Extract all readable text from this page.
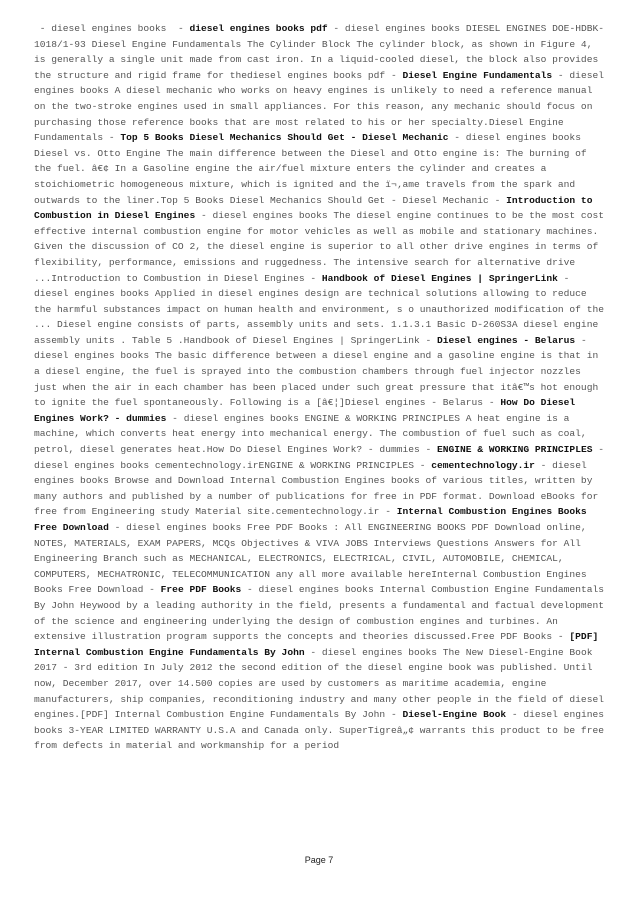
- diesel engines books  - diesel engines books pdf - diesel engines books DIESEL ENGINES DOE-HDBK-1018/1-93 Diesel Engine Fundamentals The Cylinder Block The cylinder block, as shown in Figure 4, is generally a single unit made from cast iron. In a liquid-cooled diesel, the block also provides the structure and rigid frame for thediesel engines books pdf - Diesel Engine Fundamentals - diesel engines books A diesel mechanic who works on heavy engines is unlikely to need a reference manual on the two-stroke engines used in small appliances. For this reason, any mechanic should focus on purchasing those reference books that are most related to his or her specialty.Diesel Engine Fundamentals - Top 5 Books Diesel Mechanics Should Get - Diesel Mechanic - diesel engines books Diesel vs. Otto Engine The main difference between the Diesel and Otto engine is: The burning of the fuel. â€¢ In a Gasoline engine the air/fuel mixture enters the cylinder and creates a stoichiometric homogeneous mixture, which is ignited and the ï¬‚ame travels from the spark and outwards to the liner.Top 5 Books Diesel Mechanics Should Get - Diesel Mechanic - Introduction to Combustion in Diesel Engines - diesel engines books The diesel engine continues to be the most cost effective internal combustion engine for motor vehicles as well as mobile and stationary machines. Given the discussion of CO 2, the diesel engine is superior to all other drive engines in terms of flexibility, performance, emissions and ruggedness. The intensive search for alternative drive ...Introduction to Combustion in Diesel Engines - Handbook of Diesel Engines | SpringerLink - diesel engines books Applied in diesel engines design are technical solutions allowing to reduce the harmful substances impact on human health and environment, s o unauthorized modification of the ... Diesel engine consists of parts, assembly units and sets. 1.1.3.1 Basic D-260S3A diesel engine assembly units . Table 5 .Handbook of Diesel Engines | SpringerLink - Diesel engines - Belarus - diesel engines books The basic difference between a diesel engine and a gasoline engine is that in a diesel engine, the fuel is sprayed into the combustion chambers through fuel injector nozzles just when the air in each chamber has been placed under such great pressure that itâ€™s hot enough to ignite the fuel spontaneously. Following is a [â€¦]Diesel engines - Belarus - How Do Diesel Engines Work? - dummies - diesel engines books ENGINE & WORKING PRINCIPLES A heat engine is a machine, which converts heat energy into mechanical energy. The combustion of fuel such as coal, petrol, diesel generates heat.How Do Diesel Engines Work? - dummies - ENGINE & WORKING PRINCIPLES - diesel engines books cementechnology.irENGINE & WORKING PRINCIPLES - cementechnology.ir - diesel engines books Browse and Download Internal Combustion Engines books of various titles, written by many authors and published by a number of publications for free in PDF format. Download eBooks for free from Engineering study Material site.cementechnology.ir - Internal Combustion Engines Books Free Download - diesel engines books Free PDF Books : All ENGINEERING BOOKS PDF Download online, NOTES, MATERIALS, EXAM PAPERS, MCQs Objectives & VIVA JOBS Interviews Questions Answers for All Engineering Branch such as MECHANICAL, ELECTRONICS, ELECTRICAL, CIVIL, AUTOMOBILE, CHEMICAL, COMPUTERS, MECHATRONIC, TELECOMMUNICATION any all more available hereInternal Combustion Engines Books Free Download - Free PDF Books - diesel engines books Internal Combustion Engine Fundamentals By John Heywood by a leading authority in the field, presents a fundamental and factual development of the science and engineering underlying the design of combustion engines and turbines. An extensive illustration program supports the concepts and theories discussed.Free PDF Books - [PDF] Internal Combustion Engine Fundamentals By John - diesel engines books The New Diesel-Engine Book 2017 - 3rd edition In July 2012 the second edition of the diesel engine book was published. Until now, December 2017, over 14.500 copies are used by customers as maritime academia, engine manufacturers, ship companies, reconditioning industry and many other people in the field of diesel engines.[PDF] Internal Combustion Engine Fundamentals By John - Diesel-Engine Book - diesel engines books 3-YEAR LIMITED WARRANTY U.S.A and Canada only. SuperTigreâ„¢ warrants this product to be free from defects in material and workmanship for a period
Page 7
